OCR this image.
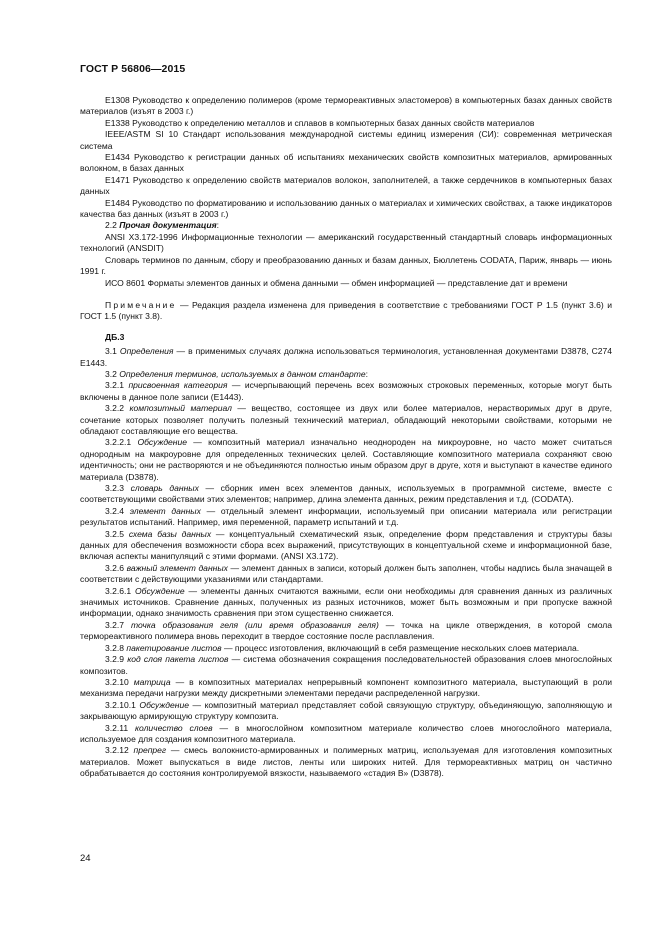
ГОСТ Р 56806—2015

E1308 Руководство к определению полимеров (кроме термореактивных эластомеров) в компьютерных базах данных свойств материалов (изъят в 2003 г.)

E1338 Руководство к определению металлов и сплавов в компьютерных базах данных свойств материалов

IEEE/ASTM SI 10 Стандарт использования международной системы единиц измерения (СИ): современная метрическая система

E1434 Руководство к регистрации данных об испытаниях механических свойств композитных материалов, армированных волокном, в базах данных

E1471 Руководство к определению свойств материалов волокон, заполнителей, а также сердечников в компьютерных базах данных

E1484 Руководство по форматированию и использованию данных о материалах и химических свойствах, а также индикаторов качества баз данных (изъят в 2003 г.)

2.2 Прочая документация:

ANSI X3.172-1996 Информационные технологии — американский государственный стандартный словарь информационных технологий (ANSDIT)

Словарь терминов по данным, сбору и преобразованию данных и базам данных, Бюллетень CODATA, Париж, январь — июнь 1991 г.

ИСО 8601 Форматы элементов данных и обмена данными — обмен информацией — представление дат и времени

Примечание — Редакция раздела изменена для приведения в соответствие с требованиями ГОСТ Р 1.5 (пункт 3.6) и ГОСТ 1.5 (пункт 3.8).

ДБ.3

3.1 Определения — в применимых случаях должна использоваться терминология, установленная документами D3878, C274 E1443.

3.2 Определения терминов, используемых в данном стандарте:

3.2.1 присвоенная категория — исчерпывающий перечень всех возможных строковых переменных, которые могут быть включены в данное поле записи (E1443).

3.2.2 композитный материал — вещество, состоящее из двух или более материалов, нерастворимых друг в друге, сочетание которых позволяет получить полезный технический материал, обладающий некоторыми свойствами, которыми не обладают составляющие его вещества.

3.2.2.1 Обсуждение — композитный материал изначально неоднороден на микроуровне, но часто может считаться однородным на макроуровне для определенных технических целей. Составляющие композитного материала сохраняют свою идентичность; они не растворяются и не объединяются полностью иным образом друг в друге, хотя и выступают в качестве единого материала (D3878).

3.2.3 словарь данных — сборник имен всех элементов данных, используемых в программной системе, вместе с соответствующими свойствами этих элементов; например, длина элемента данных, режим представления и т.д. (CODATA).

3.2.4 элемент данных — отдельный элемент информации, используемый при описании материала или регистрации результатов испытаний. Например, имя переменной, параметр испытаний и т.д.

3.2.5 схема базы данных — концептуальный схематический язык, определение форм представления и структуры базы данных для обеспечения возможности сбора всех выражений, присутствующих в концептуальной схеме и информационной базе, включая аспекты манипуляций с этими формами. (ANSI X3.172).

3.2.6 важный элемент данных — элемент данных в записи, который должен быть заполнен, чтобы надпись была значащей в соответствии с действующими указаниями или стандартами.

3.2.6.1 Обсуждение — элементы данных считаются важными, если они необходимы для сравнения данных из различных значимых источников. Сравнение данных, полученных из разных источников, может быть возможным и при пропуске важной информации, однако значимость сравнения при этом существенно снижается.

3.2.7 точка образования геля (или время образования геля) — точка на цикле отверждения, в которой смола термореактивного полимера вновь переходит в твердое состояние после расплавления.

3.2.8 пакетирование листов — процесс изготовления, включающий в себя размещение нескольких слоев материала.

3.2.9 код слоя пакета листов — система обозначения сокращения последовательностей образования слоев многослойных композитов.

3.2.10 матрица — в композитных материалах непрерывный компонент композитного материала, выступающий в роли механизма передачи нагрузки между дискретными элементами передачи распределенной нагрузки.

3.2.10.1 Обсуждение — композитный материал представляет собой связующую структуру, объединяющую, заполняющую и закрывающую армирующую структуру композита.

3.2.11 количество слоев — в многослойном композитном материале количество слоев многослойного материала, используемое для создания композитного материала.

3.2.12 препрег — смесь волокнисто-армированных и полимерных матриц, используемая для изготовления композитных материалов. Может выпускаться в виде листов, ленты или широких нитей. Для термореактивных матриц он частично обрабатывается до состояния контролируемой вязкости, называемого «стадия B» (D3878).

24
